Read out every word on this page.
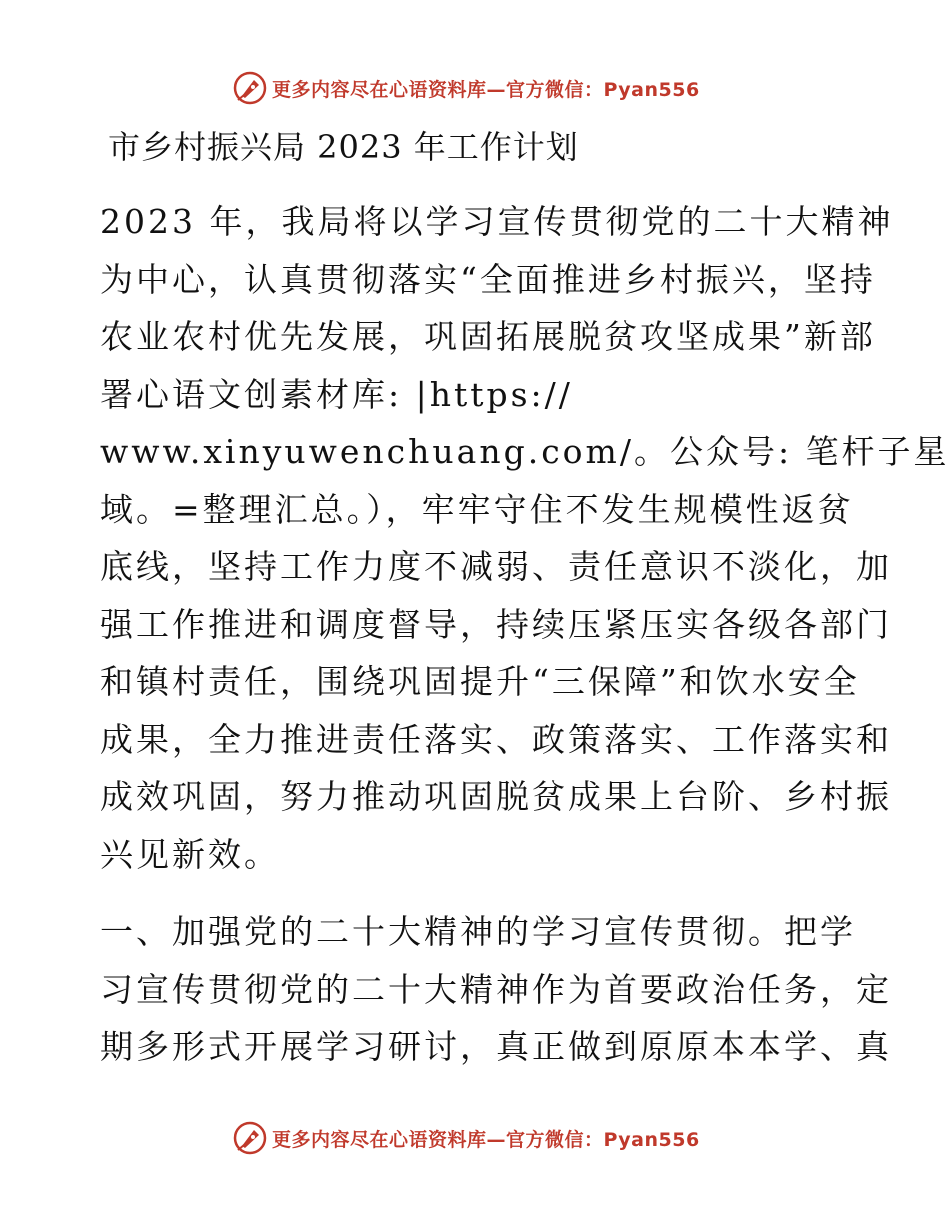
更多内容尽在心语资料库—官方微信：Pyan556
市乡村振兴局 2023 年工作计划

2023 年，我局将以学习宣传贯彻党的二十大精神
为中心，认真贯彻落实“全面推进乡村振兴，坚持
农业农村优先发展，巩固拓展脱贫攻坚成果”新部
署心语文创素材库: |https://
www.xinyuwenchuang.com/。公众号: 笔杆子星
域。=整理汇总。），牢牢守住不发生规模性返贫
底线，坚持工作力度不减弱、责任意识不淡化，加
强工作推进和调度督导，持续压紧压实各级各部门
和镇村责任，围绕巩固提升“三保障”和饮水安全
成果，全力推进责任落实、政策落实、工作落实和
成效巩固，努力推动巩固脱贫成果上台阶、乡村振
兴见新效。

一、加强党的二十大精神的学习宣传贯彻。把学
习宣传贯彻党的二十大精神作为首要政治任务，定
期多形式开展学习研讨，真正做到原原本本学、真

更多内容尽在心语资料库—官方微信：Pyan556
